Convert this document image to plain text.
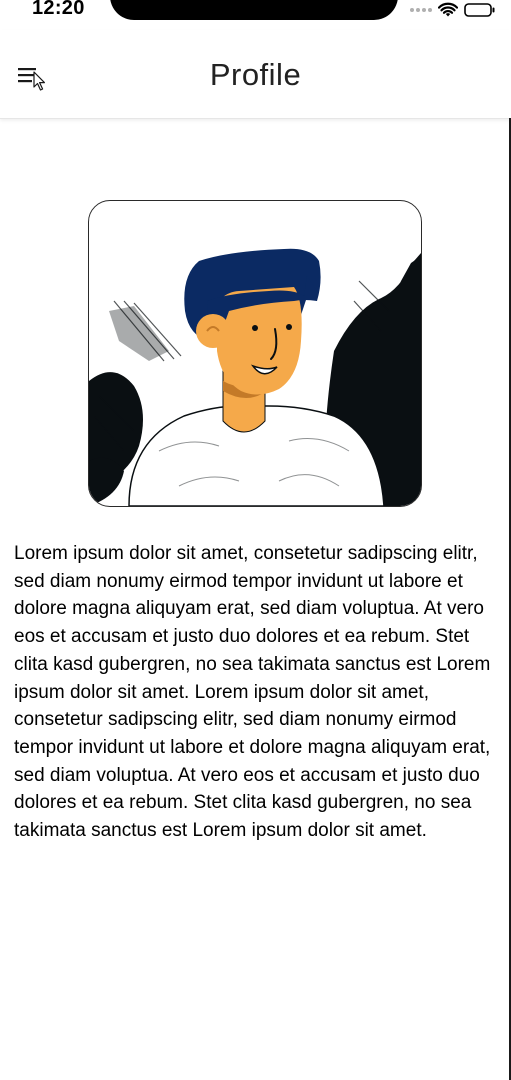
12:20
Profile

Lorem ipsum dolor sit amet, consetetur sadipscing elitr, sed diam nonumy eirmod tempor invidunt ut labore et dolore magna aliquyam erat, sed diam voluptua. At vero eos et accusam et justo duo dolores et ea rebum. Stet clita kasd gubergren, no sea takimata sanctus est Lorem ipsum dolor sit amet. Lorem ipsum dolor sit amet, consetetur sadipscing elitr, sed diam nonumy eirmod tempor invidunt ut labore et dolore magna aliquyam erat, sed diam voluptua. At vero eos et accusam et justo duo dolores et ea rebum. Stet clita kasd gubergren, no sea takimata sanctus est Lorem ipsum dolor sit amet.
